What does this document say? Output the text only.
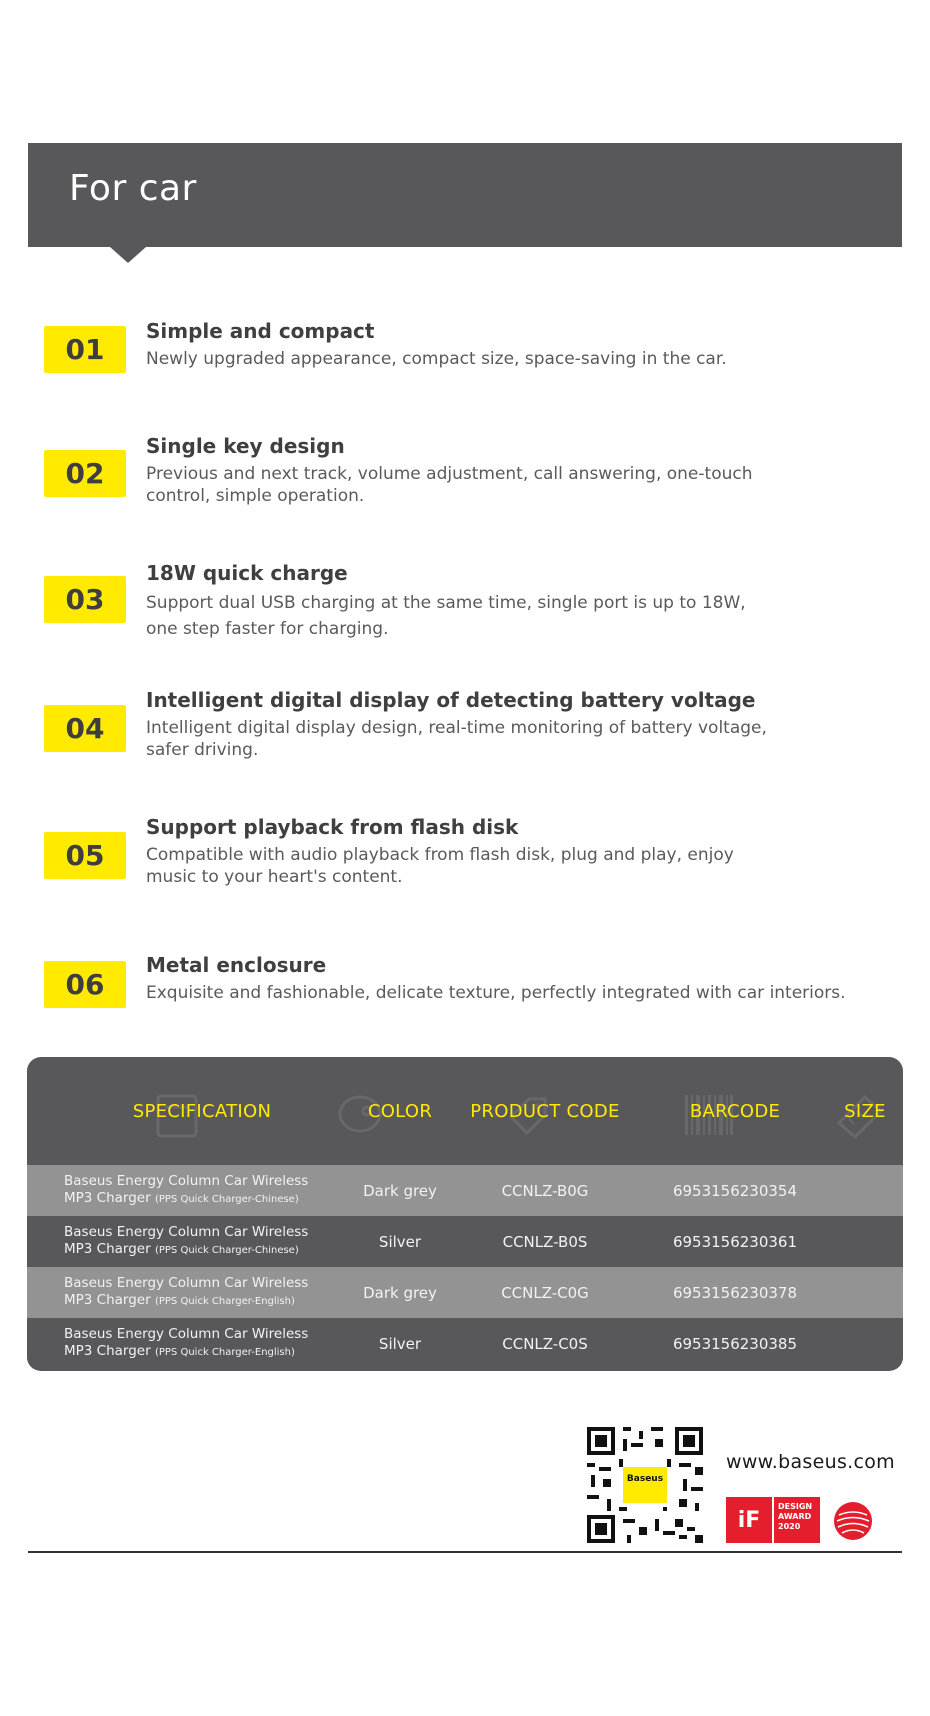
For car
01
Simple and compact
Newly upgraded appearance, compact size, space-saving in the car.
02
Single key design
Previous and next track, volume adjustment, call answering, one-touch
control, simple operation.
03
18W quick charge
Support dual USB charging at the same time, single port is up to 18W,
one step faster for charging.
04
Intelligent digital display of detecting battery voltage
Intelligent digital display design, real-time monitoring of battery voltage,
safer driving.
05
Support playback from flash disk
Compatible with audio playback from flash disk, plug and play, enjoy
music to your heart's content.
06
Metal enclosure
Exquisite and fashionable, delicate texture, perfectly integrated with car interiors.
SPECIFICATION	COLOR	PRODUCT CODE	BARCODE	SIZE
Baseus Energy Column Car Wireless
MP3 Charger (PPS Quick Charger-Chinese)	Dark grey	CCNLZ-B0G	6953156230354
Baseus Energy Column Car Wireless
MP3 Charger (PPS Quick Charger-Chinese)	Silver	CCNLZ-B0S	6953156230361
Baseus Energy Column Car Wireless
MP3 Charger (PPS Quick Charger-English)	Dark grey	CCNLZ-C0G	6953156230378
Baseus Energy Column Car Wireless
MP3 Charger (PPS Quick Charger-English)	Silver	CCNLZ-C0S	6953156230385
Baseus
www.baseus.com
iF
DESIGN
AWARD
2020
